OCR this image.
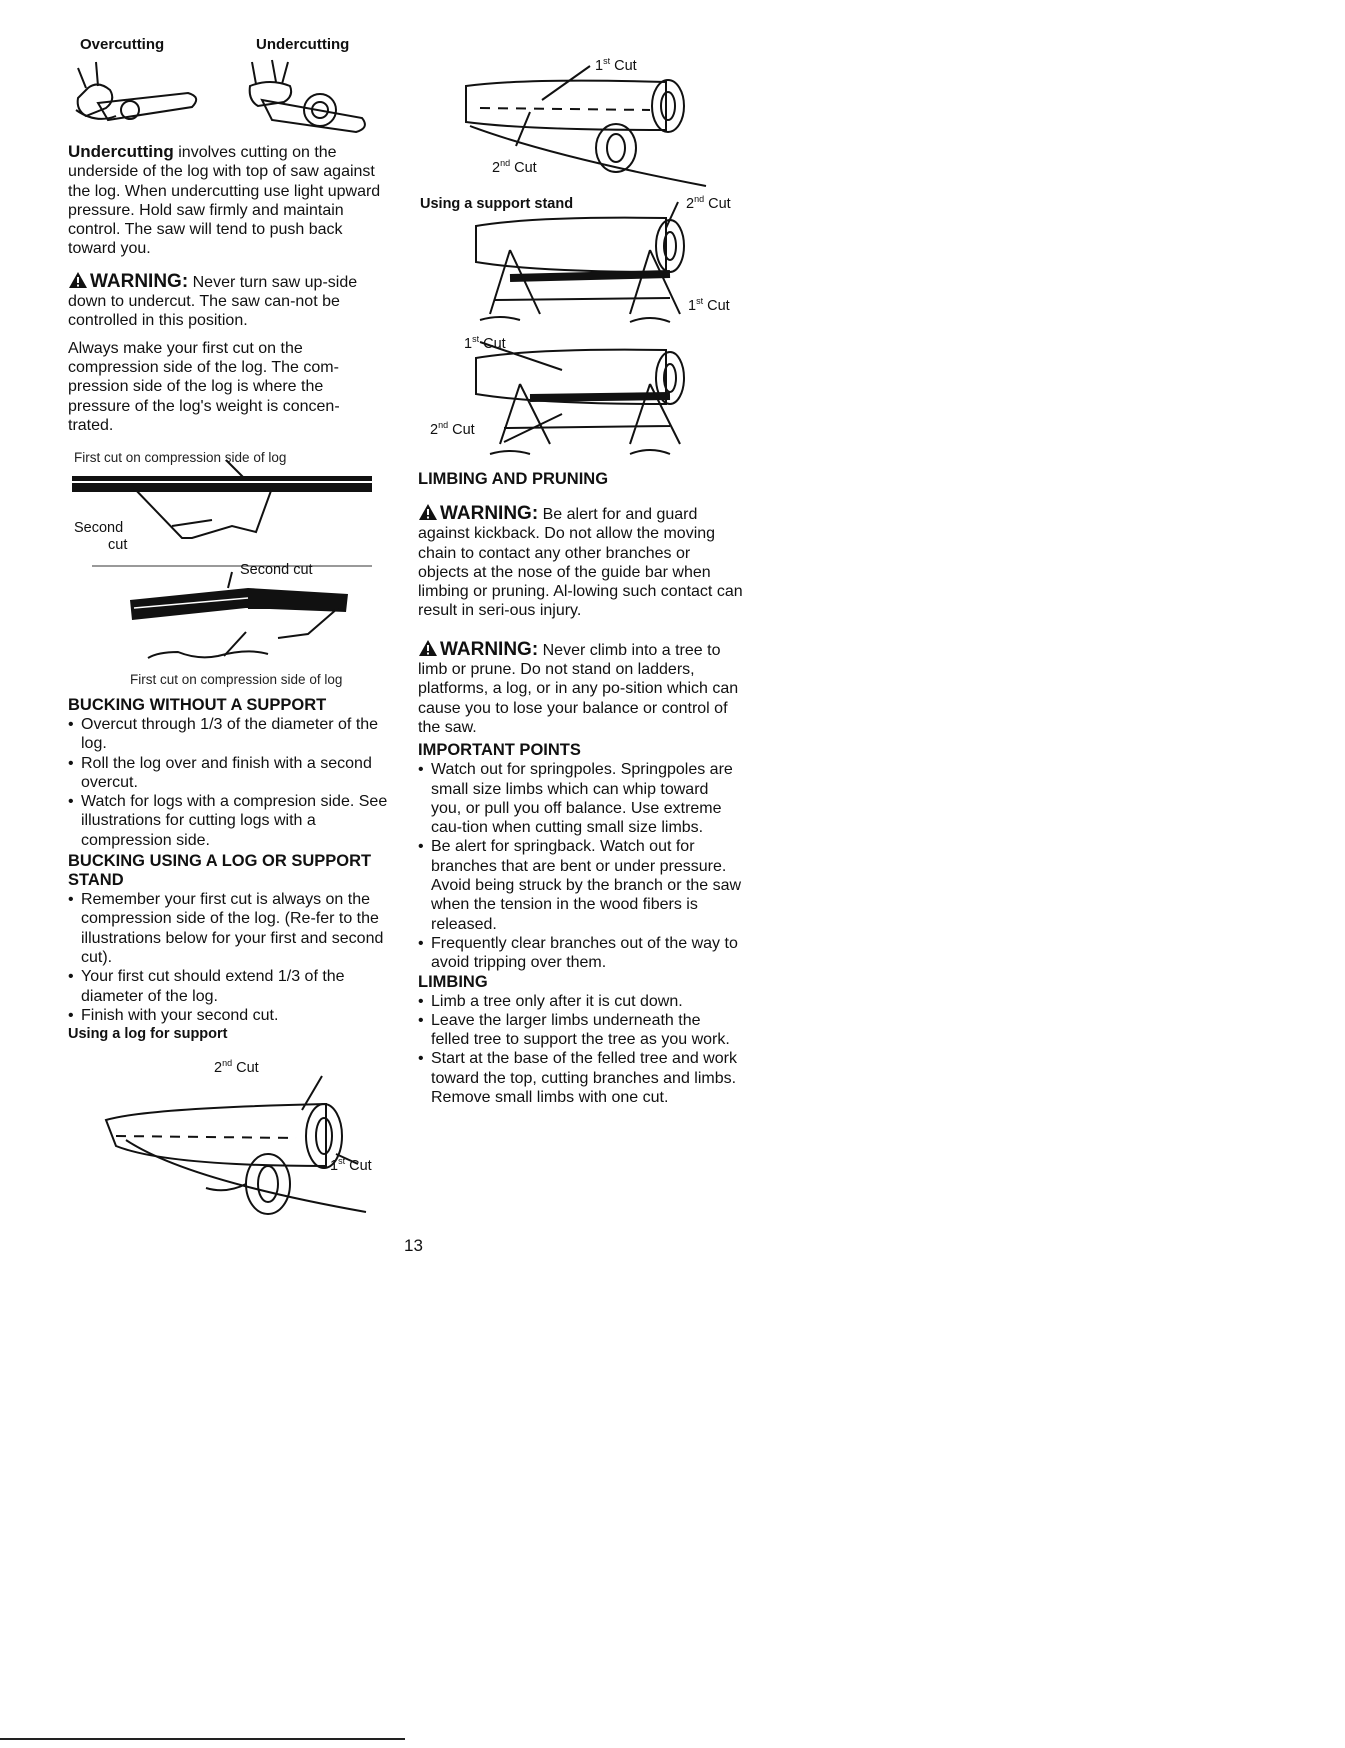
Overcutting	Undercutting

Undercutting involves cutting on the underside of the log with top of saw against the log. When undercutting use light upward pressure. Hold saw firmly and maintain control. The saw will tend to push back toward you.

WARNING: Never turn saw up-side down to undercut. The saw can-not be controlled in this position.

Always make your first cut on the compression side of the log. The com-pression side of the log is where the pressure of the log's weight is concen-trated.

First cut on compression side of log
Second
cut
Second cut
First cut on compression side of log

BUCKING WITHOUT A SUPPORT

• Overcut through 1/3 of the diameter of the log.
• Roll the log over and finish with a second overcut.
• Watch for logs with a compresion side. See illustrations for cutting logs with a compression side.

BUCKING USING A LOG OR SUPPORT STAND

• Remember your first cut is always on the compression side of the log. (Re-fer to the illustrations below for your first and second cut).
• Your first cut should extend 1/3 of the diameter of the log.
• Finish with your second cut.

Using a log for support

2nd Cut
1st Cut
1st Cut
2nd Cut
Using a support stand	2nd Cut
1st Cut
1st Cut
2nd Cut

LIMBING AND PRUNING

WARNING: Be alert for and guard against kickback. Do not allow the moving chain to contact any other branches or objects at the nose of the guide bar when limbing or pruning. Al-lowing such contact can result in seri-ous injury.

WARNING: Never climb into a tree to limb or prune. Do not stand on ladders, platforms, a log, or in any po-sition which can cause you to lose your balance or control of the saw.

IMPORTANT POINTS

• Watch out for springpoles. Springpoles are small size limbs which can whip toward you, or pull you off balance. Use extreme cau-tion when cutting small size limbs.
• Be alert for springback. Watch out for branches that are bent or under pressure. Avoid being struck by the branch or the saw when the tension in the wood fibers is released.
• Frequently clear branches out of the way to avoid tripping over them.

LIMBING

• Limb a tree only after it is cut down.
• Leave the larger limbs underneath the felled tree to support the tree as you work.
• Start at the base of the felled tree and work toward the top, cutting branches and limbs. Remove small limbs with one cut.
13
